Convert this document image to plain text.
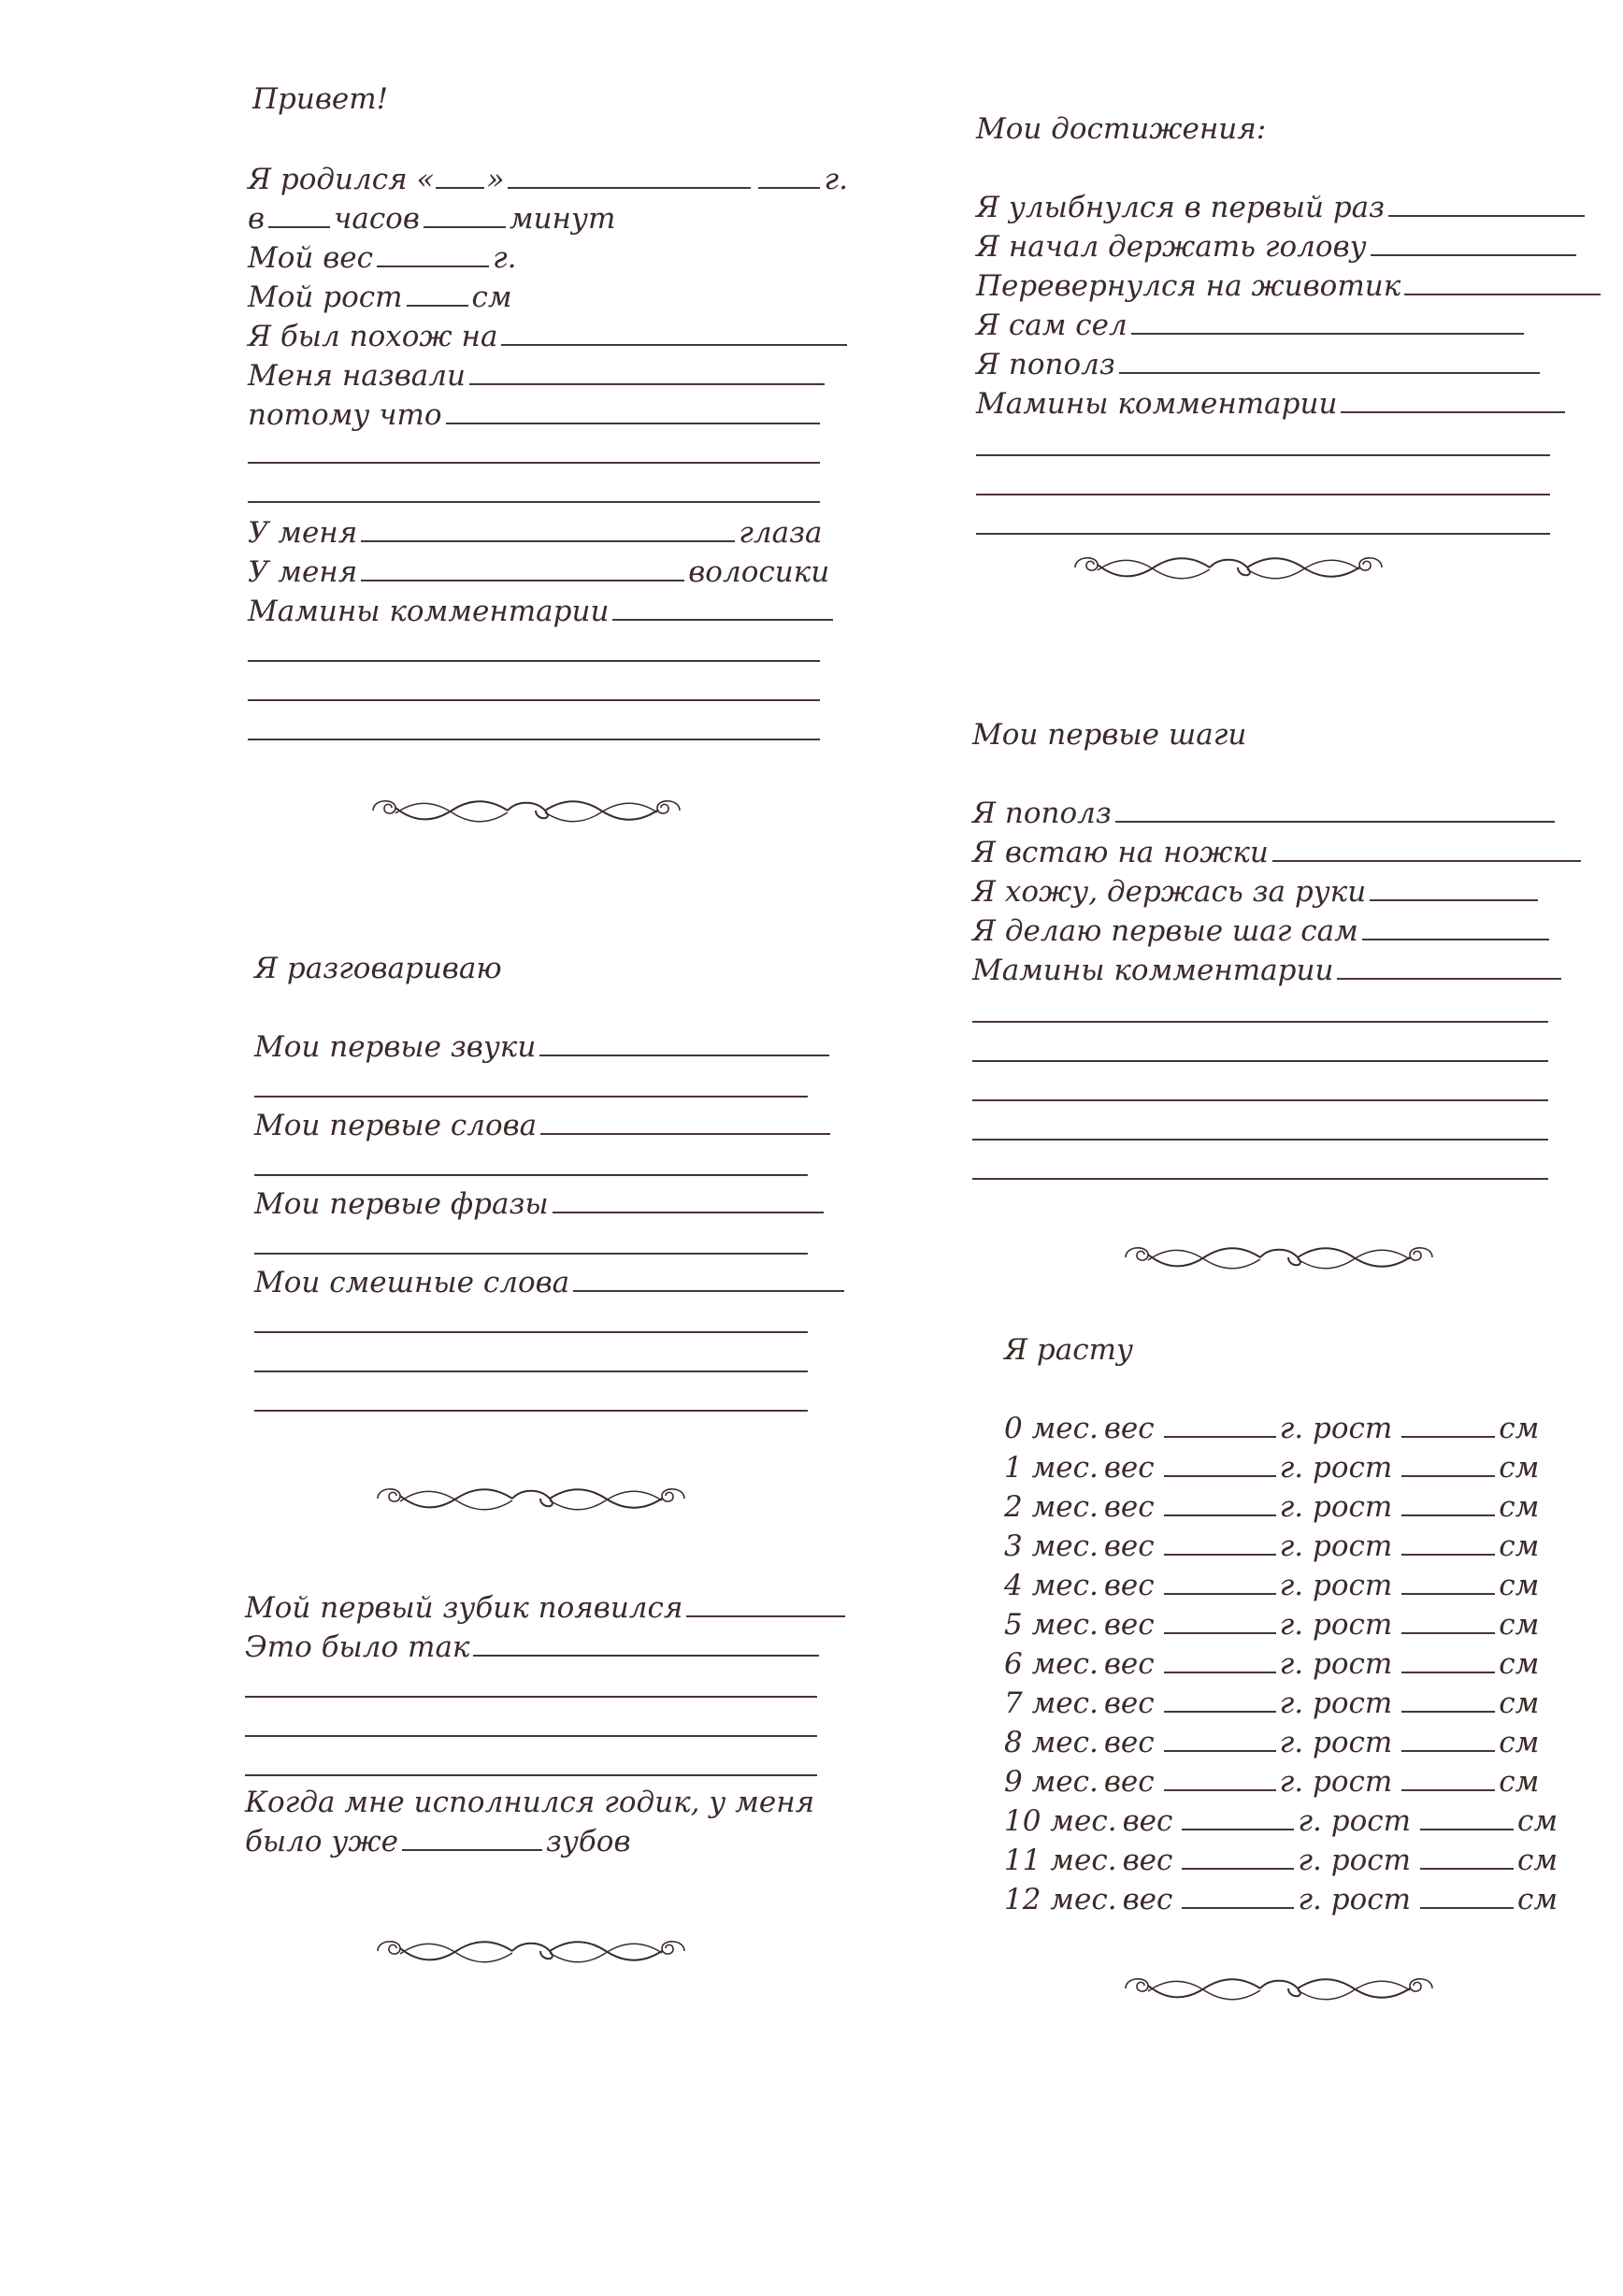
Привет!
Я родился « »	г.
в часов	минут
Мой вес	г.
Мой рост см
Я был похож на
Меня назвали
потому что
У меня	глаза
У меня	волосики
Мамины комментарии
Я разговариваю
Мои первые звуки
Мои первые слова
Мои первые фразы
Мои смешные слова
Мой первый зубик появился
Это было так
Когда мне исполнился годик, у меня
было уже	зубов
Мои достижения:
Я улыбнулся в первый раз
Я начал держать голову
Перевернулся на животик
Я сам сел
Я пополз
Мамины комментарии
Мои первые шаги
Я пополз
Я встаю на ножки
Я хожу, держась за руки
Я делаю первые шаг сам
Мамины комментарии
Я расту
0 мес. вес	г. рост	см
1 мес. вес	г. рост	см
2 мес. вес	г. рост	см
3 мес. вес	г. рост	см
4 мес. вес	г. рост	см
5 мес. вес	г. рост	см
6 мес. вес	г. рост	см
7 мес. вес	г. рост	см
8 мес. вес	г. рост	см
9 мес. вес	г. рост	см
10 мес. вес	г. рост	см
11 мес. вес	г. рост	см
12 мес. вес	г. рост	см
